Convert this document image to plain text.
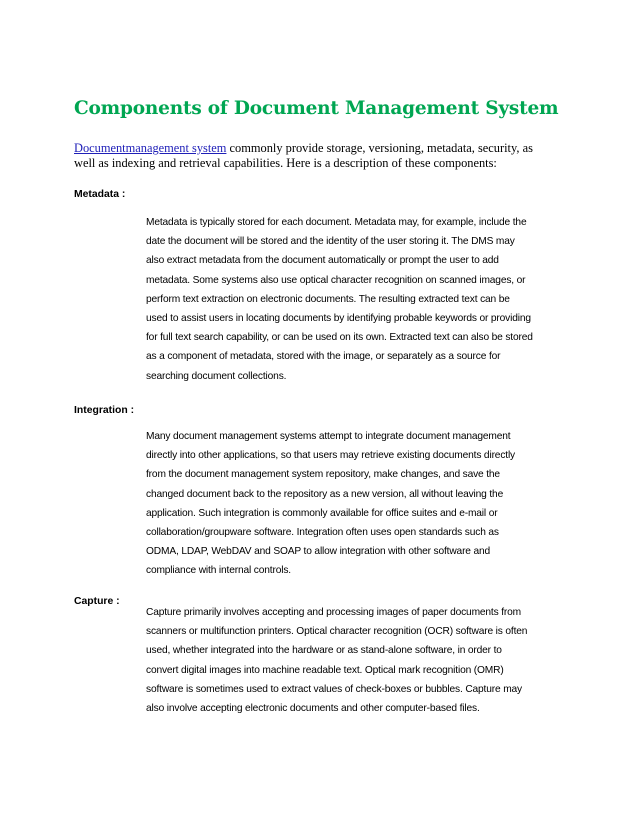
Components of Document Management System

Documentmanagement system commonly provide storage, versioning, metadata, security, as
well as indexing and retrieval capabilities. Here is a description of these components:

Metadata :

Metadata is typically stored for each document. Metadata may, for example, include the
date the document will be stored and the identity of the user storing it. The DMS may
also extract metadata from the document automatically or prompt the user to add
metadata. Some systems also use optical character recognition on scanned images, or
perform text extraction on electronic documents. The resulting extracted text can be
used to assist users in locating documents by identifying probable keywords or providing
for full text search capability, or can be used on its own. Extracted text can also be stored
as a component of metadata, stored with the image, or separately as a source for
searching document collections.

Integration :

Many document management systems attempt to integrate document management
directly into other applications, so that users may retrieve existing documents directly
from the document management system repository, make changes, and save the
changed document back to the repository as a new version, all without leaving the
application. Such integration is commonly available for office suites and e-mail or
collaboration/groupware software. Integration often uses open standards such as
ODMA, LDAP, WebDAV and SOAP to allow integration with other software and
compliance with internal controls.

Capture :

Capture primarily involves accepting and processing images of paper documents from
scanners or multifunction printers. Optical character recognition (OCR) software is often
used, whether integrated into the hardware or as stand-alone software, in order to
convert digital images into machine readable text. Optical mark recognition (OMR)
software is sometimes used to extract values of check-boxes or bubbles. Capture may
also involve accepting electronic documents and other computer-based files.
